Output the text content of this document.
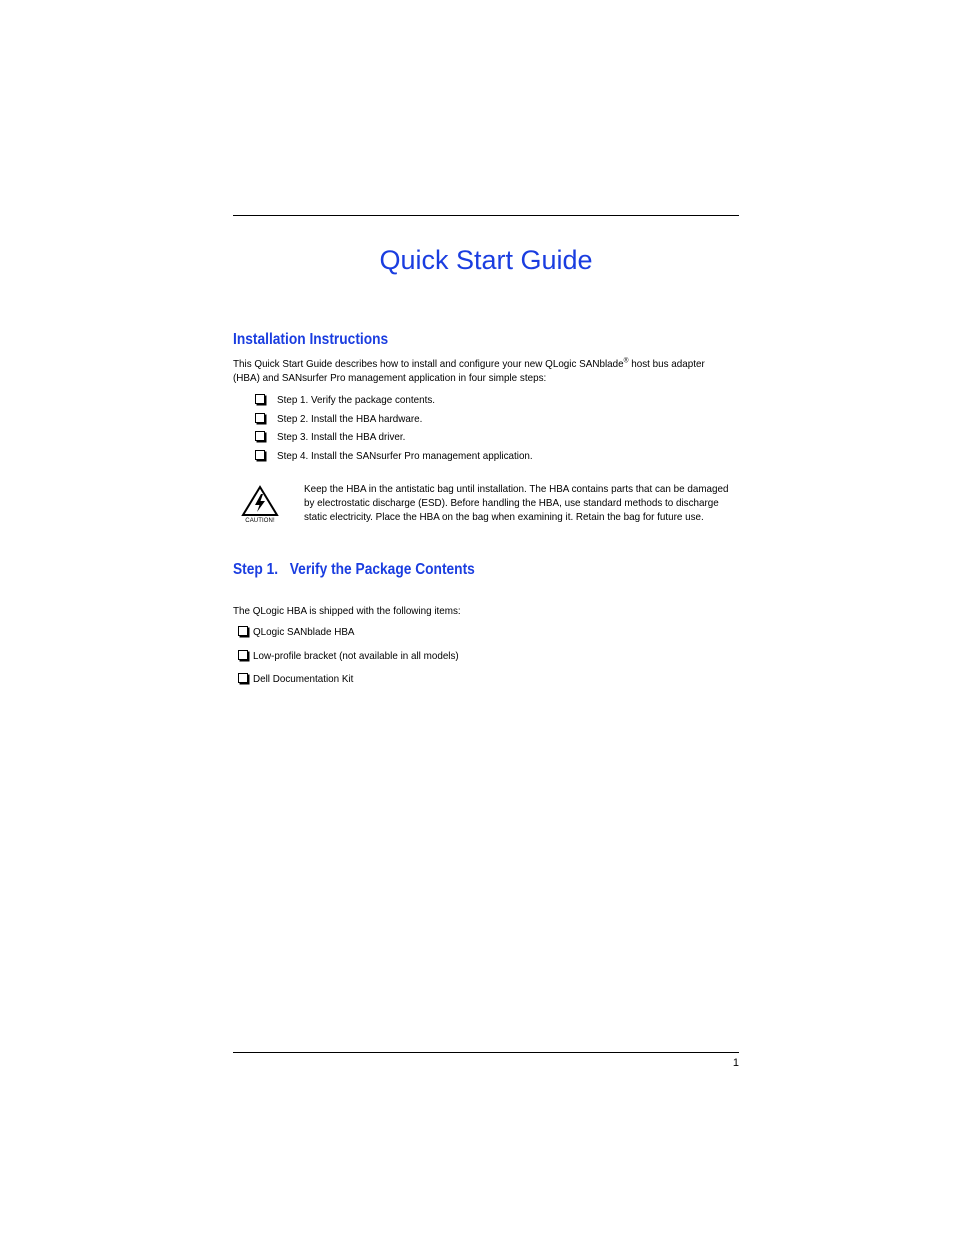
Quick Start Guide
Installation Instructions

This Quick Start Guide describes how to install and configure your new QLogic SANblade® host bus adapter (HBA) and SANsurfer Pro management application in four simple steps:

Step 1. Verify the package contents.
Step 2. Install the HBA hardware.
Step 3. Install the HBA driver.
Step 4. Install the SANsurfer Pro management application.
CAUTION!

Keep the HBA in the antistatic bag until installation. The HBA contains parts that can be damaged by electrostatic discharge (ESD). Before handling the HBA, use standard methods to discharge static electricity. Place the HBA on the bag when examining it. Retain the bag for future use.

Step 1. Verify the Package Contents

The QLogic HBA is shipped with the following items:

QLogic SANblade HBA
Low-profile bracket (not available in all models)
Dell Documentation Kit
1
